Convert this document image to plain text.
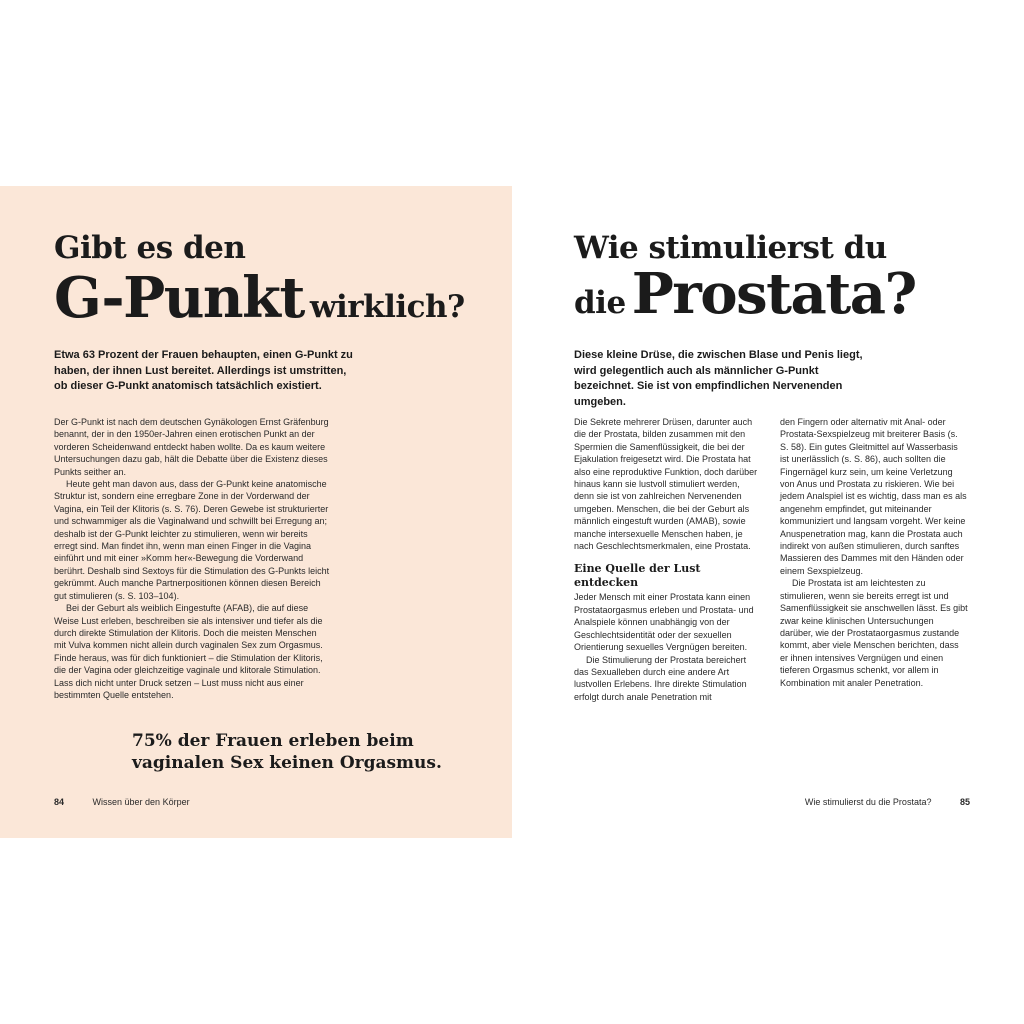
Gibt es den
G-Punkt wirklich?

Etwa 63 Prozent der Frauen behaupten, einen G-Punkt zu haben, der ihnen Lust bereitet. Allerdings ist umstritten, ob dieser G-Punkt anatomisch tatsächlich existiert.

Der G-Punkt ist nach dem deutschen Gynäkologen Ernst Gräfenburg benannt, der in den 1950er-Jahren einen erotischen Punkt an der vorderen Scheidenwand entdeckt haben wollte. Da es kaum weitere Untersuchungen dazu gab, hält die Debatte über die Existenz dieses Punkts seither an.

Heute geht man davon aus, dass der G-Punkt keine anatomische Struktur ist, sondern eine erregbare Zone in der Vorderwand der Vagina, ein Teil der Klitoris (s. S. 76). Deren Gewebe ist strukturierter und schwammiger als die Vaginalwand und schwillt bei Erregung an; deshalb ist der G-Punkt leichter zu stimulieren, wenn wir bereits erregt sind. Man findet ihn, wenn man einen Finger in die Vagina einführt und mit einer »Komm her«-Bewegung die Vorderwand berührt. Deshalb sind Sextoys für die Stimulation des G-Punkts leicht gekrümmt. Auch manche Partnerpositionen können diesen Bereich gut stimulieren (s. S. 103–104).

Bei der Geburt als weiblich Eingestufte (AFAB), die auf diese Weise Lust erleben, beschreiben sie als intensiver und tiefer als die durch direkte Stimulation der Klitoris. Doch die meisten Menschen mit Vulva kommen nicht allein durch vaginalen Sex zum Orgasmus. Finde heraus, was für dich funktioniert – die Stimulation der Klitoris, die der Vagina oder gleichzeitige vaginale und klitorale Stimulation. Lass dich nicht unter Druck setzen – Lust muss nicht aus einer bestimmten Quelle entstehen.

75% der Frauen erleben beim vaginalen Sex keinen Orgasmus.

84	Wissen über den Körper
Wie stimulierst du
die Prostata?

Diese kleine Drüse, die zwischen Blase und Penis liegt, wird gelegentlich auch als männlicher G-Punkt bezeichnet. Sie ist von empfindlichen Nervenenden umgeben.

Die Sekrete mehrerer Drüsen, darunter auch die der Prostata, bilden zusammen mit den Spermien die Samenflüssigkeit, die bei der Ejakulation freigesetzt wird. Die Prostata hat also eine reproduktive Funktion, doch darüber hinaus kann sie lustvoll stimuliert werden, denn sie ist von zahlreichen Nervenenden umgeben. Menschen, die bei der Geburt als männlich eingestuft wurden (AMAB), sowie manche intersexuelle Menschen haben, je nach Geschlechtsmerkmalen, eine Prostata.

Eine Quelle der Lust entdecken

Jeder Mensch mit einer Prostata kann einen Prostataorgasmus erleben und Prostata- und Analspiele können unabhängig von der Geschlechtsidentität oder der sexuellen Orientierung sexuelles Vergnügen bereiten.

Die Stimulierung der Prostata bereichert das Sexualleben durch eine andere Art lustvollen Erlebens. Ihre direkte Stimulation erfolgt durch anale Penetration mit

den Fingern oder alternativ mit Anal- oder Prostata-Sexspielzeug mit breiterer Basis (s. S. 58). Ein gutes Gleitmittel auf Wasserbasis ist unerlässlich (s. S. 86), auch sollten die Fingernägel kurz sein, um keine Verletzung von Anus und Prostata zu riskieren. Wie bei jedem Analspiel ist es wichtig, dass man es als angenehm empfindet, gut miteinander kommuniziert und langsam vorgeht. Wer keine Anuspenetration mag, kann die Prostata auch indirekt von außen stimulieren, durch sanftes Massieren des Dammes mit den Händen oder einem Sexspielzeug.

Die Prostata ist am leichtesten zu stimulieren, wenn sie bereits erregt ist und Samenflüssigkeit sie anschwellen lässt. Es gibt zwar keine klinischen Untersuchungen darüber, wie der Prostataorgasmus zustande kommt, aber viele Menschen berichten, dass er ihnen intensives Vergnügen und einen tieferen Orgasmus schenkt, vor allem in Kombination mit analer Penetration.

Wie stimulierst du die Prostata?	85
